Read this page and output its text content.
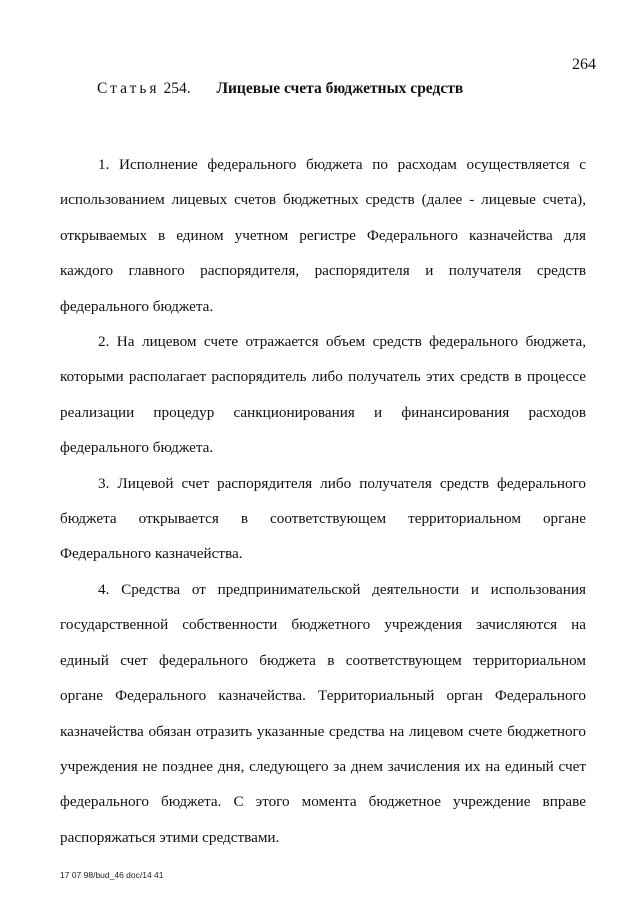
264
Статья 254. Лицевые счета бюджетных средств

1. Исполнение федерального бюджета по расходам осуществляется с использованием лицевых счетов бюджетных средств (далее - лицевые счета), открываемых в едином учетном регистре Федерального казначейства для каждого главного распорядителя, распорядителя и получателя средств федерального бюджета.

2. На лицевом счете отражается объем средств федерального бюджета, которыми располагает распорядитель либо получатель этих средств в процессе реализации процедур санкционирования и финансирования расходов федерального бюджета.

3. Лицевой счет распорядителя либо получателя средств федерального бюджета открывается в соответствующем территориальном органе Федерального казначейства.

4. Средства от предпринимательской деятельности и использования государственной собственности бюджетного учреждения зачисляются на единый счет федерального бюджета в соответствующем территориальном органе Федерального казначейства. Территориальный орган Федерального казначейства обязан отразить указанные средства на лицевом счете бюджетного учреждения не позднее дня, следующего за днем зачисления их на единый счет федерального бюджета. С этого момента бюджетное учреждение вправе распоряжаться этими средствами.

17 07 98/bud_46 doc/14 41
